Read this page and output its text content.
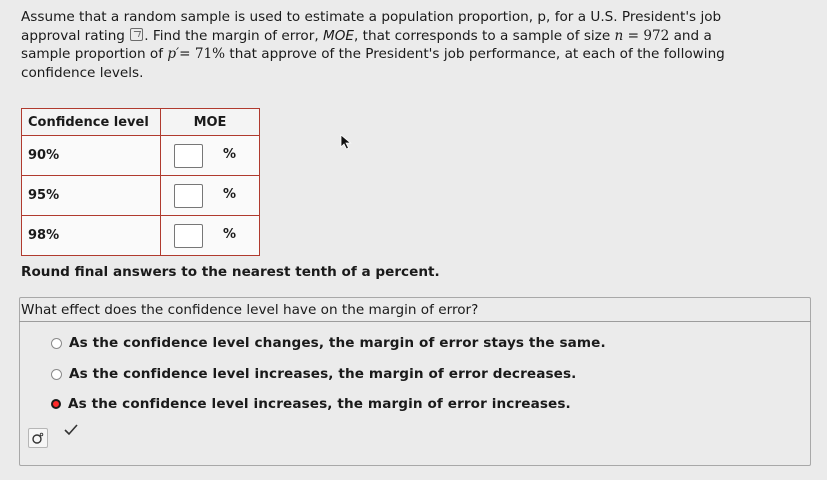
Assume that a random sample is used to estimate a population proportion, p, for a U.S. President's job
approval rating . Find the margin of error, MOE, that corresponds to a sample of size n = 972 and a
sample proportion of p′= 71% that approve of the President's job performance, at each of the following
confidence levels.
Confidence level	MOE
90%	%

95%	%

98%	%
Round final answers to the nearest tenth of a percent.
What effect does the confidence level have on the margin of error?
As the confidence level changes, the margin of error stays the same.
As the confidence level increases, the margin of error decreases.
As the confidence level increases, the margin of error increases.
